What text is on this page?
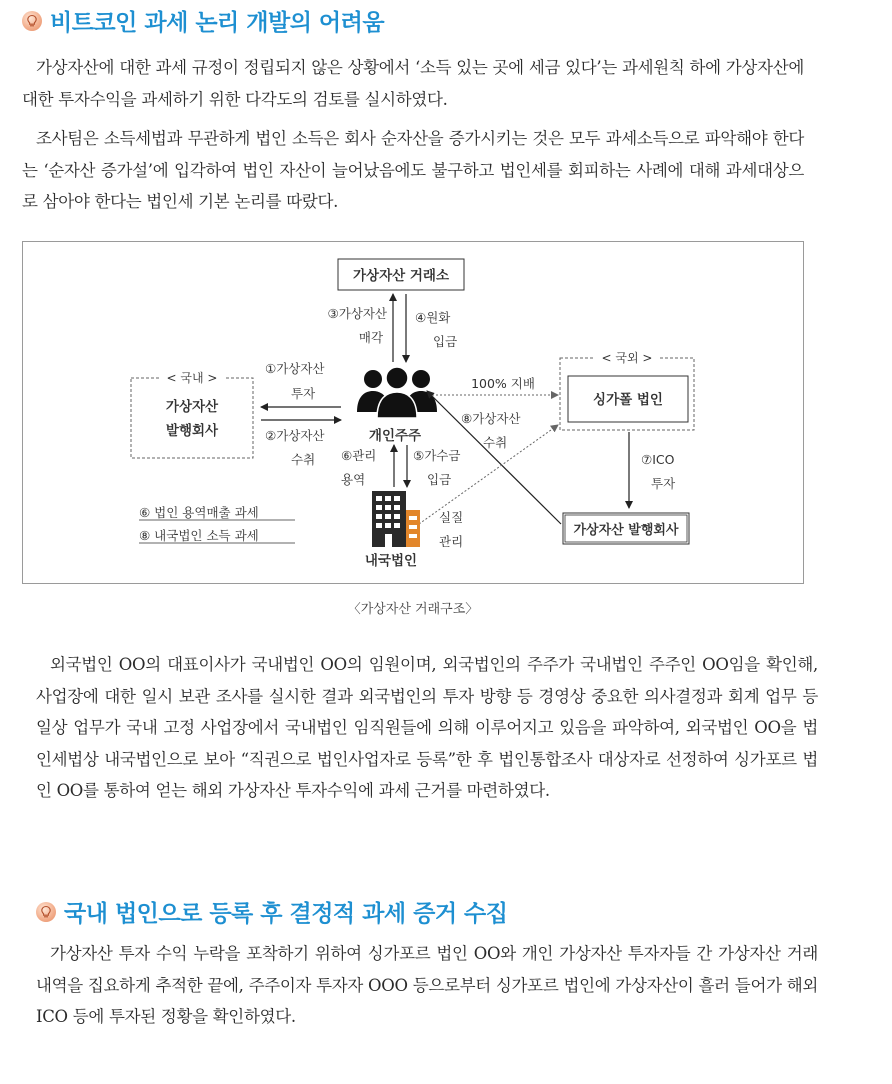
비트코인 과세 논리 개발의 어려움

가상자산에 대한 과세 규정이 정립되지 않은 상황에서 ‘소득 있는 곳에 세금 있다’는 과세원칙 하에 가상자산에 대한 투자수익을 과세하기 위한 다각도의 검토를 실시하였다.

조사팀은 소득세법과 무관하게 법인 소득은 회사 순자산을 증가시키는 것은 모두 과세소득으로 파악해야 한다는 ‘순자산 증가설’에 입각하여 법인 자산이 늘어났음에도 불구하고 법인세를 회피하는 사례에 대해 과세대상으로 삼아야 한다는 법인세 기본 논리를 따랐다.

가상자산 거래소
③가상자산
매각
④원화
입금
< 국내 >
가상자산
발행회사
①가상자산
투자
②가상자산
수취
개인주주
100% 지배
< 국외 >
싱가폴 법인
⑦ICO
투자
가상자산 발행회사
⑧가상자산
수취
⑥관리
용역
⑤가수금
입금
실질
관리
내국법인
⑥ 법인 용역매출 과세
⑧ 내국법인 소득 과세
〈가상자산 거래구조〉

외국법인 OO의 대표이사가 국내법인 OO의 임원이며, 외국법인의 주주가 국내법인 주주인 OO임을 확인해, 사업장에 대한 일시 보관 조사를 실시한 결과 외국법인의 투자 방향 등 경영상 중요한 의사결정과 회계 업무 등 일상 업무가 국내 고정 사업장에서 국내법인 임직원들에 의해 이루어지고 있음을 파악하여, 외국법인 OO을 법인세법상 내국법인으로 보아 “직권으로 법인사업자로 등록”한 후 법인통합조사 대상자로 선정하여 싱가포르 법인 OO를 통하여 얻는 해외 가상자산 투자수익에 과세 근거를 마련하였다.

국내 법인으로 등록 후 결정적 과세 증거 수집

가상자산 투자 수익 누락을 포착하기 위하여 싱가포르 법인 OO와 개인 가상자산 투자자들 간 가상자산 거래내역을 집요하게 추적한 끝에, 주주이자 투자자 OOO 등으로부터 싱가포르 법인에 가상자산이 흘러 들어가 해외 ICO 등에 투자된 정황을 확인하였다.
